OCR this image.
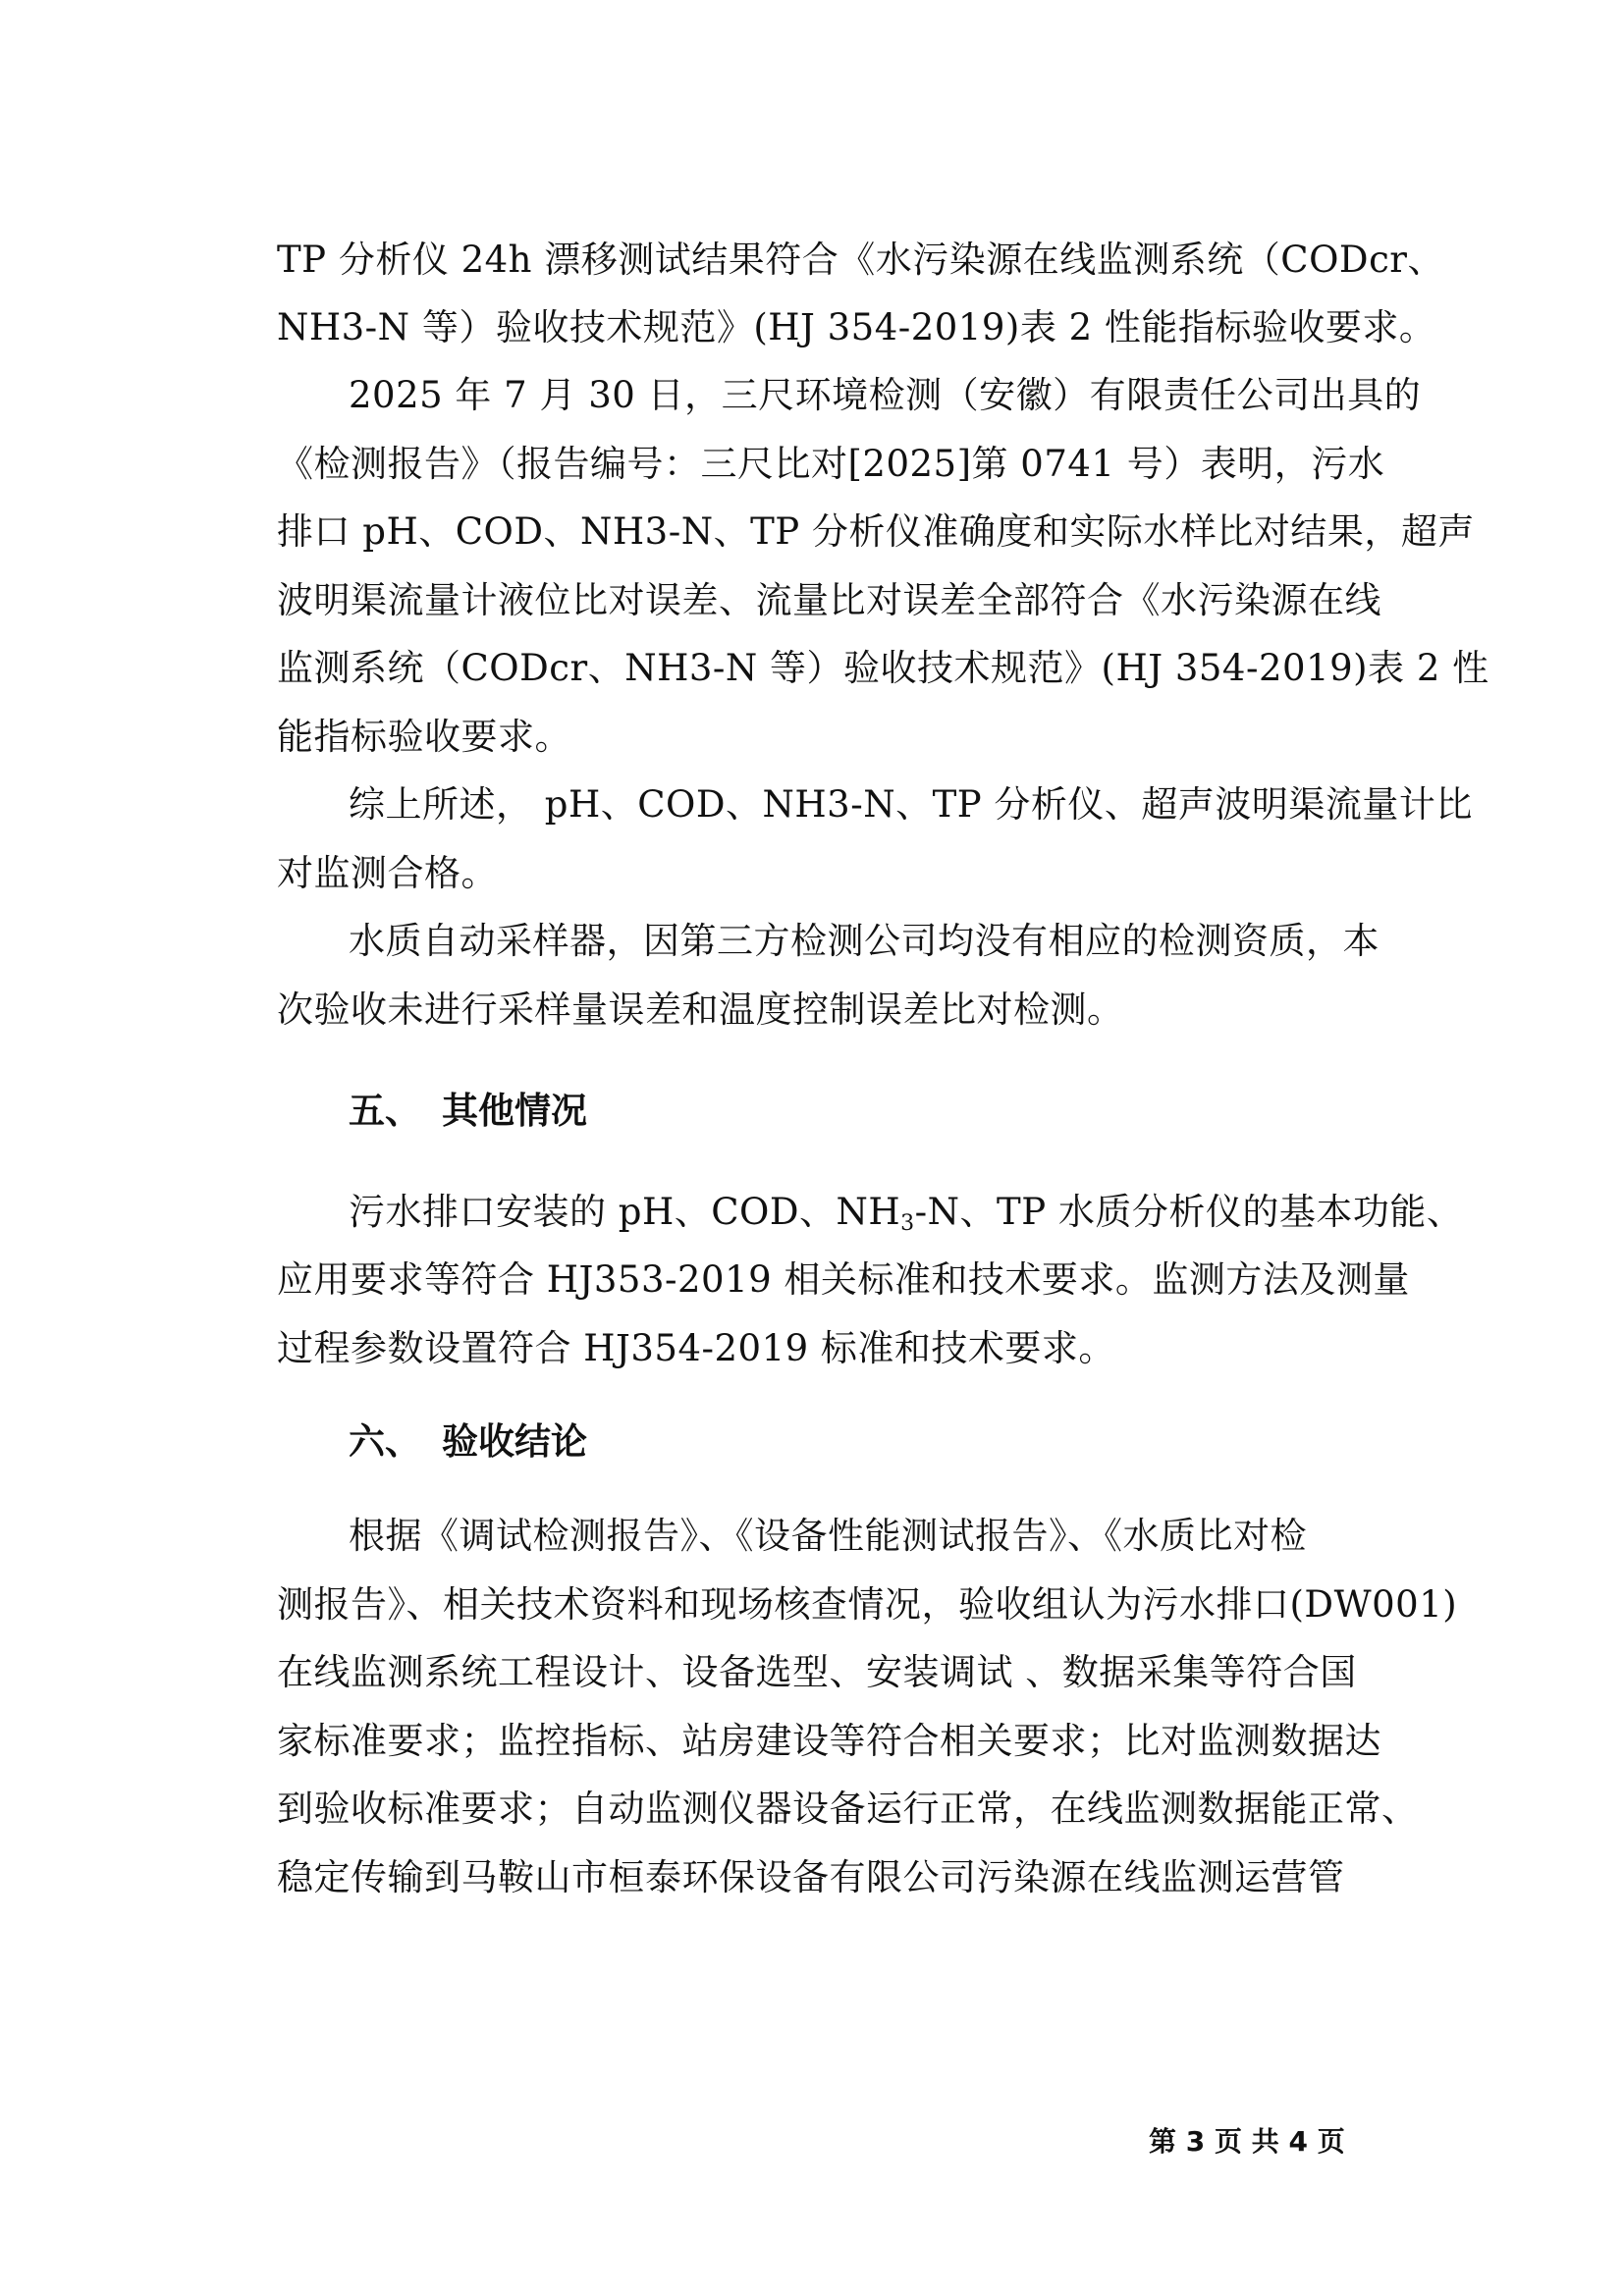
TP 分析仪 24h 漂移测试结果符合《水污染源在线监测系统（CODcr、
NH3-N 等）验收技术规范》(HJ 354-2019)表 2 性能指标验收要求。
2025 年 7 月 30 日，三尺环境检测（安徽）有限责任公司出具的
《检测报告》（报告编号：三尺比对[2025]第 0741 号）表明，污水
排口 pH、COD、NH3-N、TP 分析仪准确度和实际水样比对结果，超声
波明渠流量计液位比对误差、流量比对误差全部符合《水污染源在线
监测系统（CODcr、NH3-N 等）验收技术规范》(HJ 354-2019)表 2 性
能指标验收要求。
综上所述， pH、COD、NH3-N、TP 分析仪、超声波明渠流量计比
对监测合格。
水质自动采样器，因第三方检测公司均没有相应的检测资质，本
次验收未进行采样量误差和温度控制误差比对检测。
五、 其他情况
污水排口安装的 pH、COD、$NH_3-N$、TP 水质分析仪的基本功能、
应用要求等符合 HJ353-2019 相关标准和技术要求。监测方法及测量
过程参数设置符合 HJ354-2019 标准和技术要求。
六、 验收结论
根据《调试检测报告》、《设备性能测试报告》、《水质比对检
测报告》、相关技术资料和现场核查情况，验收组认为污水排口(DW001)
在线监测系统工程设计、设备选型、安装调试 、数据采集等符合国
家标准要求；监控指标、站房建设等符合相关要求；比对监测数据达
到验收标准要求；自动监测仪器设备运行正常，在线监测数据能正常、
稳定传输到马鞍山市桓泰环保设备有限公司污染源在线监测运营管
第 3 页 共 4 页
